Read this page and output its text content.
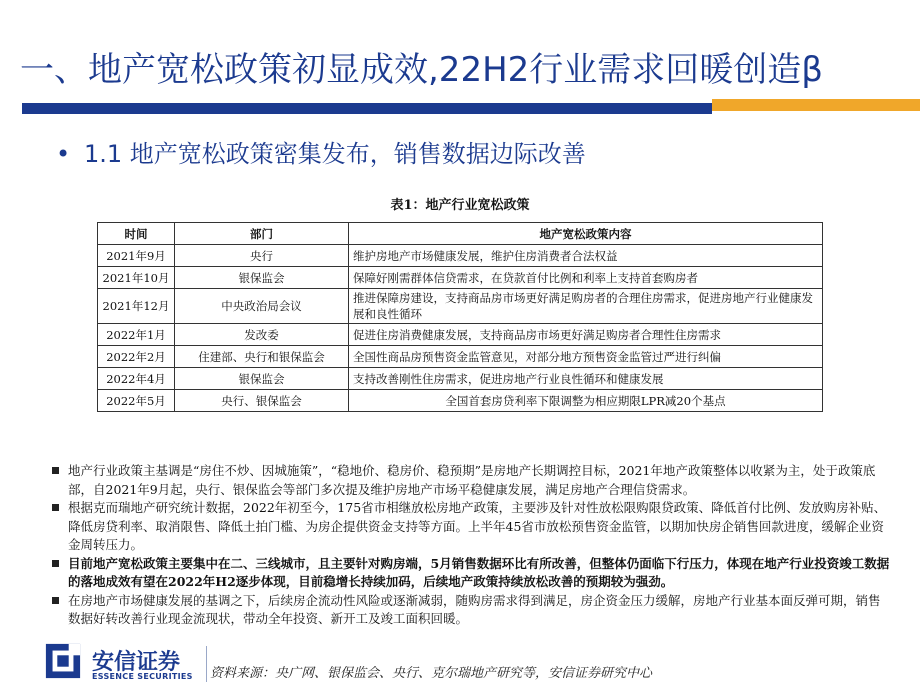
一、地产宽松政策初显成效,22H2行业需求回暖创造β
• 1.1 地产宽松政策密集发布，销售数据边际改善
表1：地产行业宽松政策
时间	部门	地产宽松政策内容
2021年9月	央行	维护房地产市场健康发展，维护住房消费者合法权益
2021年10月	银保监会	保障好刚需群体信贷需求，在贷款首付比例和利率上支持首套购房者
2021年12月	中央政治局会议	推进保障房建设，支持商品房市场更好满足购房者的合理住房需求，促进房地产行业健康发展和良性循环
2022年1月	发改委	促进住房消费健康发展，支持商品房市场更好满足购房者合理性住房需求
2022年2月	住建部、央行和银保监会	全国性商品房预售资金监管意见，对部分地方预售资金监管过严进行纠偏
2022年4月	银保监会	支持改善刚性住房需求，促进房地产行业良性循环和健康发展
2022年5月	央行、银保监会	全国首套房贷利率下限调整为相应期限LPR减20个基点
地产行业政策主基调是“房住不炒、因城施策”，“稳地价、稳房价、稳预期”是房地产长期调控目标，2021年地产政策整体以收紧为主，处于政策底部，自2021年9月起，央行、银保监会等部门多次提及维护房地产市场平稳健康发展，满足房地产合理信贷需求。
根据克而瑞地产研究统计数据，2022年初至今，175省市相继放松房地产政策，主要涉及针对性放松限购限贷政策、降低首付比例、发放购房补贴、降低房贷利率、取消限售、降低土拍门槛、为房企提供资金支持等方面。上半年45省市放松预售资金监管，以期加快房企销售回款进度，缓解企业资金周转压力。
目前地产宽松政策主要集中在二、三线城市，且主要针对购房端，5月销售数据环比有所改善，但整体仍面临下行压力，体现在地产行业投资竣工数据的落地成效有望在2022年H2逐步体现，目前稳增长持续加码，后续地产政策持续放松改善的预期较为强劲。
在房地产市场健康发展的基调之下，后续房企流动性风险或逐渐减弱，随购房需求得到满足，房企资金压力缓解，房地产行业基本面反弹可期，销售数据好转改善行业现金流现状，带动全年投资、新开工及竣工面积回暖。
安信证券
ESSENCE SECURITIES 资料来源：央广网、银保监会、央行、克尔瑞地产研究等，安信证券研究中心
